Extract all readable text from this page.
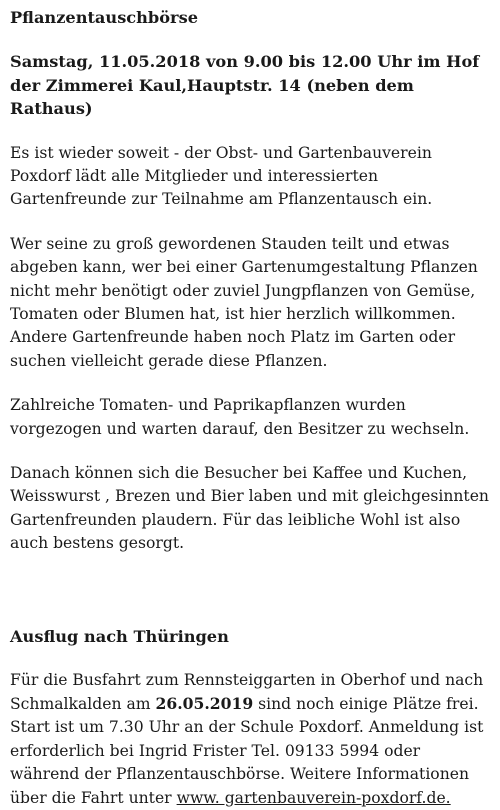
Pflanzentauschbörse
Samstag, 11.05.2018 von 9.00 bis 12.00 Uhr im Hof der Zimmerei Kaul,Hauptstr. 14 (neben dem Rathaus)

Es ist wieder soweit - der Obst- und Gartenbauverein Poxdorf lädt alle Mitglieder und interessierten Gartenfreunde zur Teilnahme am Pflanzentausch ein.

Wer seine zu groß gewordenen Stauden teilt und etwas abgeben kann, wer bei einer Gartenumgestaltung Pflanzen nicht mehr benötigt oder zuviel Jungpflanzen von Gemüse, Tomaten oder Blumen hat, ist hier herzlich willkommen. Andere Gartenfreunde haben noch Platz im Garten oder suchen vielleicht gerade diese Pflanzen.

Zahlreiche Tomaten- und Paprikapflanzen wurden vorgezogen und warten darauf, den Besitzer zu wechseln.

Danach können sich die Besucher bei Kaffee und Kuchen, Weisswurst , Brezen und Bier laben und mit gleichgesinnten Gartenfreunden plaudern. Für das leibliche Wohl ist also auch bestens gesorgt.

Ausflug nach Thüringen

Für die Busfahrt zum Rennsteiggarten in Oberhof und nach Schmalkalden am 26.05.2019 sind noch einige Plätze frei. Start ist um 7.30 Uhr an der Schule Poxdorf. Anmeldung ist erforderlich bei Ingrid Frister Tel. 09133 5994 oder während der Pflanzentauschbörse. Weitere Informationen über die Fahrt unter www. gartenbauverein-poxdorf.de.
